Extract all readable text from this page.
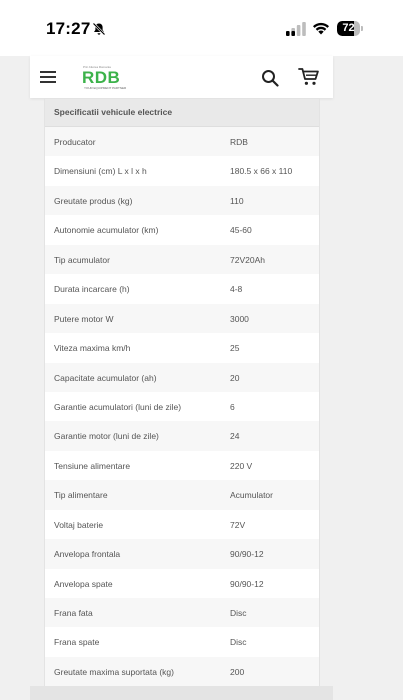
17:27	72
Prin bluzea Romania
RDB
YOUR EQUIPMENT PARTNER
Specificatii vehicule electrice
Producator	RDB
Dimensiuni (cm) L x l x h	180.5 x 66 x 110
Greutate produs (kg)	110
Autonomie acumulator (km)	45-60
Tip acumulator	72V20Ah
Durata incarcare (h)	4-8
Putere motor W	3000
Viteza maxima km/h	25
Capacitate acumulator (ah)	20
Garantie acumulatori (luni de zile)	6
Garantie motor (luni de zile)	24
Tensiune alimentare	220 V
Tip alimentare	Acumulator
Voltaj baterie	72V
Anvelopa frontala	90/90-12
Anvelopa spate	90/90-12
Frana fata	Disc
Frana spate	Disc
Greutate maxima suportata (kg)	200
